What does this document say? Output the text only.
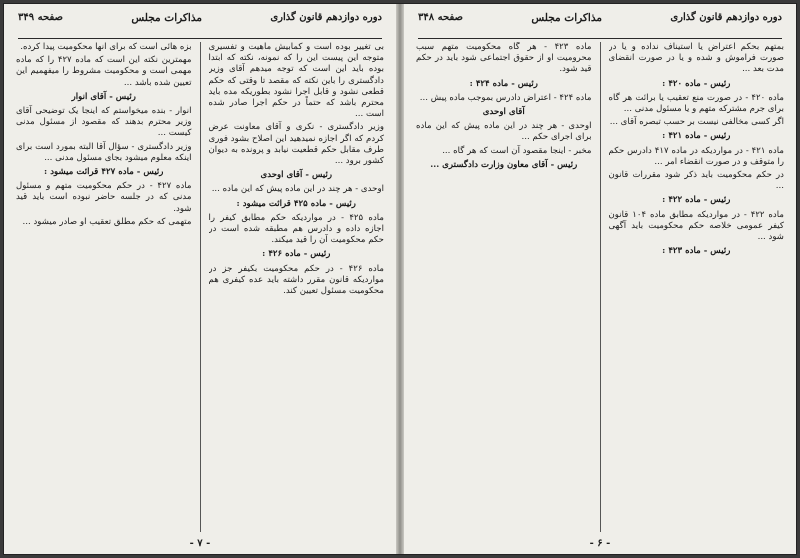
دوره دوازدهم قانون گذاری
مذاکرات مجلس
صفحه ۳۴۹

بی تغییر بوده است و کمابیش ماهیت و تفسیری متوجه این پیست این را که نمونه، نکته که ابتدا بوده باید این است که توجه میدهم آقای وزیر دادگستری را باین نکته که مقصد تا وقتی که حکم قطعی نشود و قابل اجرا نشود بطوریکه مده باید محترم باشد که حتماً در حکم اجرا صادر شده است ...

وزیر دادگستری - نکری و آقای معاونت عرض کردم که اگر اجازه نمیدهید این اصلاح بشود فوری طرف مقابل حکم قطعیت نیابد و پرونده به دیوان کشور برود ...

رئیس - آقای اوحدی

اوحدی - هر چند در این ماده پیش که این ماده ...

رئیس - ماده ۴۲۵ قرائت میشود :

ماده ۴۲۵ - در مواردیکه حکم مطابق کیفر را اجازه داده و دادرس هم مطبقه شده است در حکم محکومیت آن را قید میکند.

رئیس - ماده ۴۲۶ :

ماده ۴۲۶ - در حکم محکومیت بکیفر جز در مواردیکه قانون مقرر داشته باید عده کیفری هم محکومیت مسئول تعیین کند.

بزه هائی است که برای آنها محکومیت پیدا کرده.

مهمترین نکته این است که ماده ۴۲۷ را که ماده مهمی است و محکومیت مشروط را میفهمیم این تعیین شده باشد ...

رئیس - آقای انوار

انوار - بنده میخواستم که اینجا یک توضیحی آقای وزیر محترم بدهند که مقصود از مسئول مدنی کیست ...

وزیر دادگستری - سؤال آقا البته بمورد است برای اینکه معلوم میشود بجای مسئول مدنی ...

رئیس - ماده ۴۲۷ قرائت میشود :

ماده ۴۲۷ - در حکم محکومیت متهم و مسئول مدنی که در جلسه حاضر نبوده است باید قید شود.

متهمی که حکم مطلق تعقیب او صادر میشود ...

- ۷ -
دوره دوازدهم قانون گذاری
مذاکرات مجلس
صفحه ۳۴۸

بمتهم بحکم اعتراض یا استیناف نداده و یا در صورت فراموش و شده و یا در صورت انقضای مدت بعد ...

رئیس - ماده ۴۲۰ :

ماده ۴۲۰ - در صورت منع تعقیب یا برائت هر گاه برای جرم مشترکه متهم و یا مسئول مدنی ...

اگر کسی مخالفی نیست بر حسب تبصره آقای ...

رئیس - ماده ۴۲۱ :

ماده ۴۲۱ - در مواردیکه در ماده ۴۱۷ دادرس حکم را متوقف و در صورت انقضاء امر ...

در حکم محکومیت باید ذکر شود مقررات قانون ...

رئیس - ماده ۴۲۲ :

ماده ۴۲۲ - در مواردیکه مطابق ماده ۱۰۴ قانون کیفر عمومی خلاصه حکم محکومیت باید آگهی شود ...

رئیس - ماده ۴۲۳ :

ماده ۴۲۳ - هر گاه محکومیت متهم سبب محرومیت او از حقوق اجتماعی شود باید در حکم قید شود.

رئیس - ماده ۴۲۴ :

ماده ۴۲۴ - اعتراض دادرس بموجب ماده پیش ...

آقای اوحدی

اوحدی - هر چند در این ماده پیش که این ماده برای اجرای حکم ...

مخبر - اینجا مقصود آن است که هر گاه ...

رئیس - آقای معاون وزارت دادگستری ...

- ۶ -
